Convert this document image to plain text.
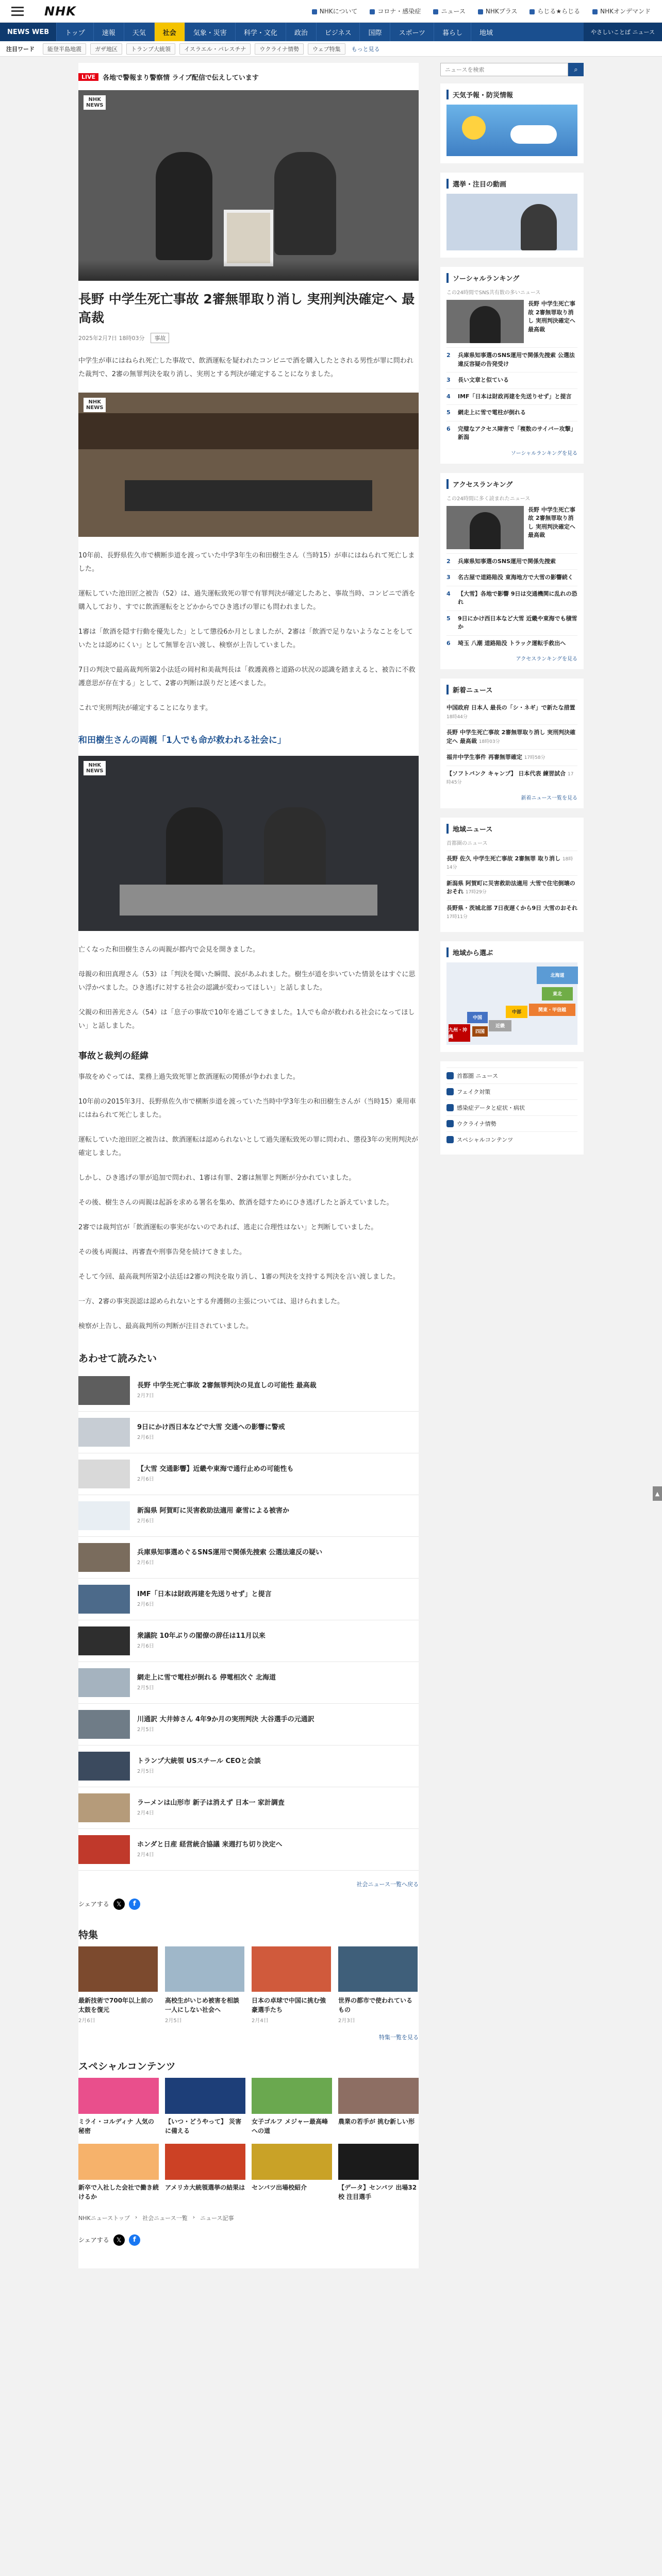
NHK	NHKについて	コロナ・感染症	ニュース	NHKプラス	らじる★らじる	NHKオンデマンド
NEWS WEB	トップ	速報	天気	社会	気象・災害	科学・文化	政治	ビジネス	国際	スポーツ	暮らし	地域	やさしいことば ニュース
注目ワード	能登半島地震	ガザ地区	トランプ大統領	イスラエル・パレスチナ	ウクライナ情勢	ウェブ特集	もっと見る
LIVE	各地で警報まり警察情 ライブ配信で伝えしています
NHK
NEWS
長野 中学生死亡事故 2審無罪取り消し 実刑判決確定へ 最高裁
2025年2月7日 18時03分	事故

中学生が車にはねられ死亡した事故で、飲酒運転を疑われたコンビニで酒を購入したとされる男性が罪に問われた裁判で、2審の無罪判決を取り消し、実刑とする判決が確定することになりました。

NHK
NEWS

10年前、長野県佐久市で横断歩道を渡っていた中学3年生の和田樹生さん（当時15）が車にはねられて死亡しました。

運転していた池田匠之被告（52）は、過失運転致死の罪で有罪判決が確定したあと、事故当時、コンビニで酒を購入しており、すでに飲酒運転をとどかからでひき逃げの罪にも問われました。

1審は「飲酒を隠す行動を優先した」として懲役6か月としましたが、2審は「飲酒で足りないようなことをしていたとは認めにくい」として無罪を言い渡し、検察が上告していました。

7日の判決で最高裁判所第2小法廷の岡村和美裁判長は「救護義務と道路の状況の認識を踏まえると、被告に不救護意思が存在する」として、2審の判断は誤りだと述べました。

これで実刑判決が確定することになります。

和田樹生さんの両親「1人でも命が救われる社会に」
NHK
NEWS

亡くなった和田樹生さんの両親が都内で会見を開きました。

母親の和田真理さん（53）は「判決を聞いた瞬間、涙があふれました。樹生が道を歩いていた情景をはすぐに思い浮かべました。ひき逃げに対する社会の認識が変わってほしい」と話しました。

父親の和田善光さん（54）は「息子の事故で10年を過ごしてきました。1人でも命が救われる社会になってほしい」と話しました。

事故と裁判の経緯

事故をめぐっては、業務上過失致死罪と飲酒運転の関係が争われました。

10年前の2015年3月、長野県佐久市で横断歩道を渡っていた当時中学3年生の和田樹生さんが（当時15）乗用車にはねられて死亡しました。

運転していた池田匠之被告は、飲酒運転は認められないとして過失運転致死の罪に問われ、懲役3年の実刑判決が確定しました。

しかし、ひき逃げの罪が追加で問われ、1審は有罪、2審は無罪と判断が分かれていました。

その後、樹生さんの両親は起訴を求める署名を集め、飲酒を隠すためにひき逃げしたと訴えていました。

2審では裁判官が「飲酒運転の事実がないのであれば、逃走に合理性はない」と判断していました。

その後も両親は、再審査や刑事告発を続けてきました。

そして今回、最高裁判所第2小法廷は2審の判決を取り消し、1審の判決を支持する判決を言い渡しました。

一方、2審の事実誤認は認められないとする弁護側の主張については、退けられました。

検察が上告し、最高裁判所の判断が注目されていました。

あわせて読みたい
長野 中学生死亡事故 2審無罪判決の見直しの可能性 最高裁
2月7日
9日にかけ西日本などで大雪 交通への影響に警戒
2月6日
【大雪 交通影響】近畿や東海で通行止めの可能性も
2月6日
新潟県 阿賀町に災害救助法適用 豪雪による被害か
2月6日
兵庫県知事選めぐるSNS運用で関係先捜索 公選法違反の疑い
2月6日
IMF「日本は財政再建を先送りせず」と提言
2月6日
衆議院 10年ぶりの閣僚の辞任は11月以来
2月6日
網走上に雪で電柱が倒れる 停電相次ぐ 北海道
2月5日
川通訳 大井姉さん 4年9か月の実刑判決 大谷選手の元通訳
2月5日
トランプ大統領 USスチール CEOと会談
2月5日
ラーメンは山形市 新子は消えず 日本一 家計調査
2月4日
ホンダと日産 経営統合協議 来週打ち切り決定へ
2月4日
社会ニュース一覧へ戻る
シェアする	𝕏	f
特集
最新技術で700年以上前の太鼓を復元
2月6日
高校生がいじめ被害を相談 一人にしない社会へ
2月5日
日本の卓球で中国に挑む強豪選手たち
2月4日
世界の都市で使われているもの
2月3日
特集一覧を見る
スペシャルコンテンツ
ミライ・コルディナ 人気の秘密
【いつ・どうやって】 災害に備える
女子ゴルフ メジャー最高峰への道
農業の若手が 挑む新しい形
新卒で入社した会社で働き続けるか
アメリカ大統領選挙の結果は センバツ出場校紹介	【データ】センバツ 出場32校 注目選手
NHKニューストップ › 社会ニュース一覧 › ニュース記事
シェアする	𝕏	f
ニュースを検索
⌕
天気予報・防災情報
選挙・注目の動画
ソーシャルランキング
この24時間でSNS共有数の多いニュース
長野 中学生死亡事故 2審無罪取り消し 実刑判決確定へ 最高裁
2	兵庫県知事選のSNS運用で関係先捜索 公選法違反容疑の告発受け
3	長い文章と似ている
4	IMF「日本は財政再建を先送りせず」と提言
5	網走上に雪で電柱が倒れる
6	完璧なアクセス障害で「複数のサイバー攻撃」新潟
ソーシャルランキングを見る
アクセスランキング
この24時間に多く読まれたニュース
長野 中学生死亡事故 2審無罪取り消し 実刑判決確定へ 最高裁
2	兵庫県知事選のSNS運用で関係先捜索
3	名古屋で道路陥没 東海地方で大雪の影響続く
4	【大雪】各地で影響 9日は交通機関に乱れの恐れ
5	9日にかけ西日本など大雪 近畿や東海でも積雪か
6	埼玉 八潮 道路陥没 トラック運転手救出へ
アクセスランキングを見る
新着ニュース
中国政府 日本人 最長の「シ・ネギ」で新たな措置 18時44分
長野 中学生死亡事故 2審無罪取り消し 実刑判決確定へ 最高裁 18時03分
福井中学生事件 再審無罪確定 17時58分
【ソフトバンク キャンプ】 日本代表 練習試合 17時45分
新着ニュース一覧を見る
地域ニュース
首都圏のニュース
長野 佐久 中学生死亡事故 2審無罪 取り消し 18時14分
新潟県 阿賀町に災害救助法適用 大雪で住宅倒壊のおそれ 17時29分
長野県・茨城北部 7日夜遅くから9日 大雪のおそれ 17時11分
地域から選ぶ
北海道
東北
関東・甲信越
中部
近畿
中国
四国
九州・沖縄
首都圏 ニュース
フェイク対策
感染症データと症状・病状
ウクライナ情勢
スペシャルコンテンツ
▲
